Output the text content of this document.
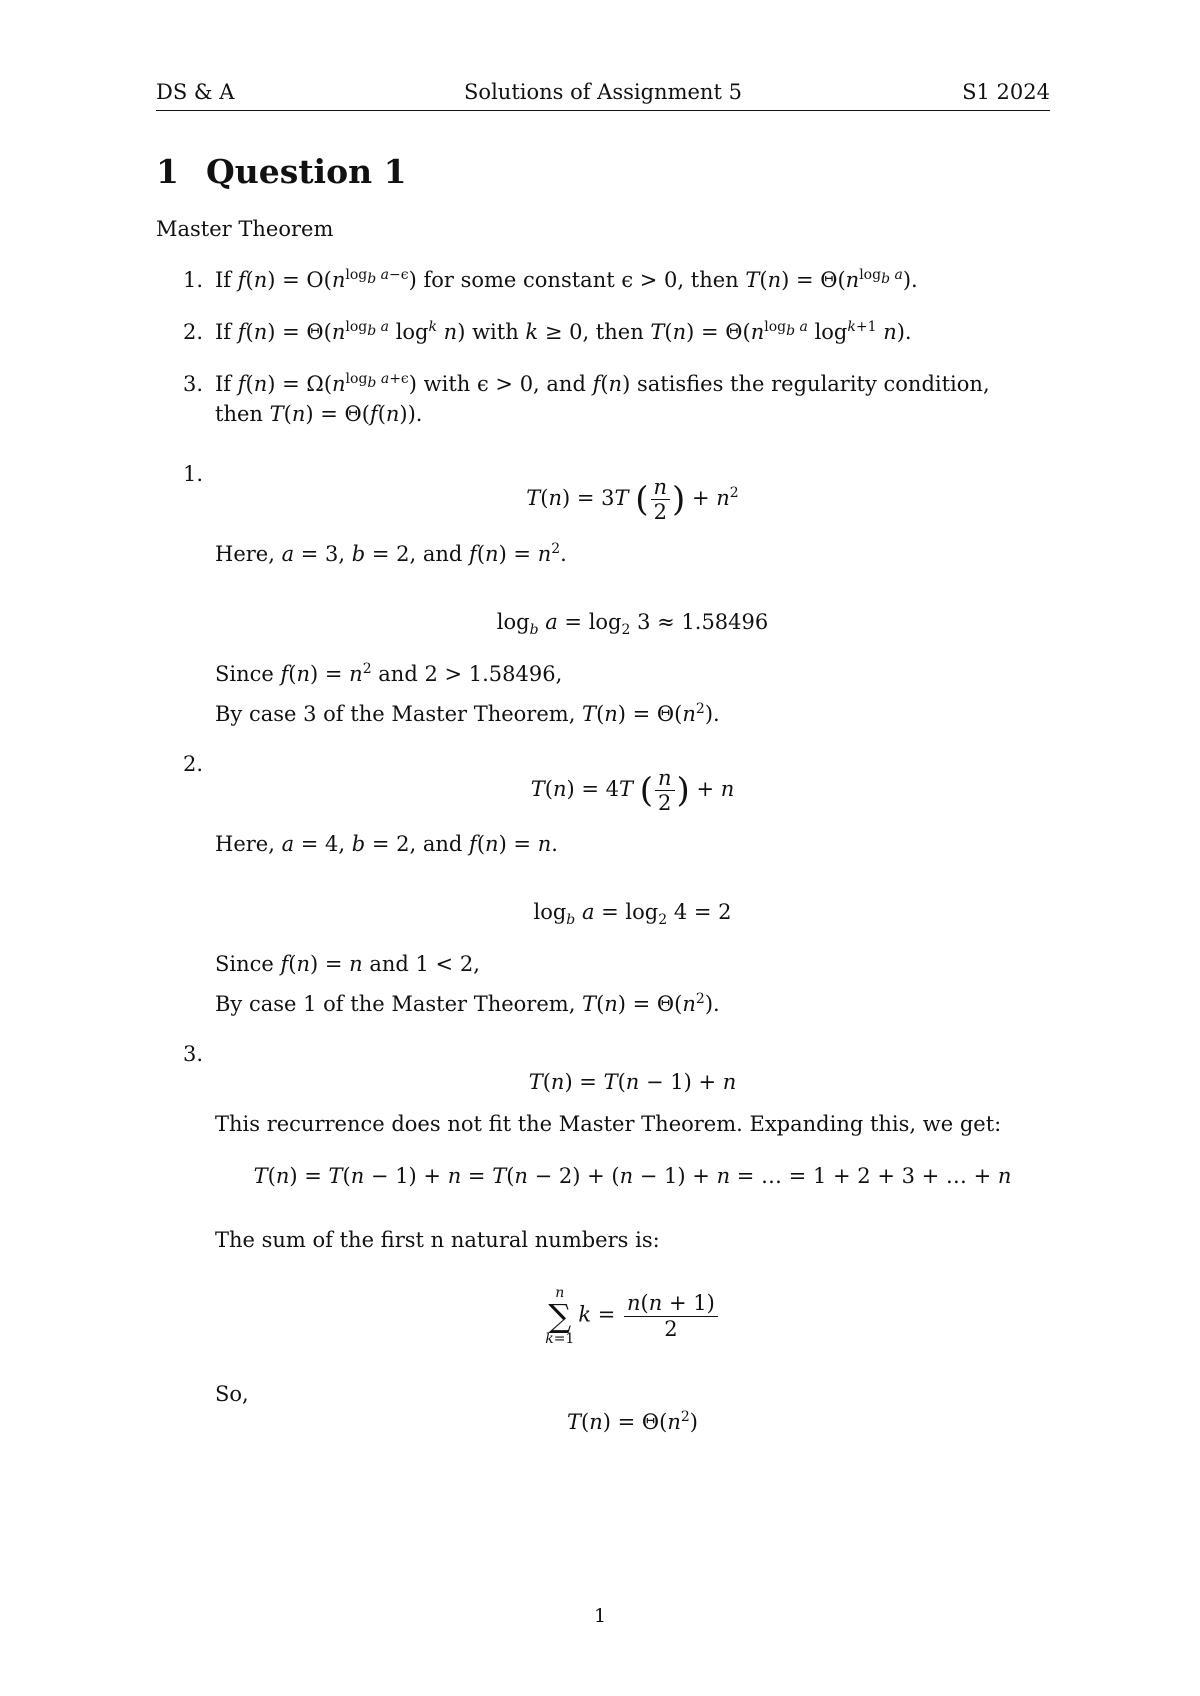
DS & A	Solutions of Assignment 5	S1 2024
1 Question 1
Master Theorem
1. If $f(n) = O(n^{log_b a-\epsilon})$ for some constant ϵ > 0, then $T(n) = \Theta(n^{log_b a})$.
2. If $f(n) = \Theta(n^{log_b a}$ $\log^k n$) with k ≥ 0, then $T(n) = \Theta(n^{log_b a}$ $\log^{k+1} n$).
3. If $f(n) = \Omega(n^{log_b a+\epsilon})$ with ϵ > 0, and f(n) satisfies the regularity condition,
then T(n) = Θ(f(n)).
1.
T(n) = 3T ( $\frac{n}{2}$ ) + $n^2$
Here, a = 3, b = 2, and $f(n) = n^2$.
$\log_b a = \log_2 3 \approx 1.58496$
Since $f(n) = n^2$ and 2 > 1.58496,
By case 3 of the Master Theorem, $T(n) = \Theta(n^2)$.
2.
T(n) = 4T ( $\frac{n}{2}$ ) + n
Here, a = 4, b = 2, and f(n) = n.
$\log_b a = \log_2 4 = 2$
Since f(n) = n and 1 < 2,
By case 1 of the Master Theorem, $T(n) = \Theta(n^2)$.
3.
T(n) = T(n − 1) + n
This recurrence does not fit the Master Theorem. Expanding this, we get:
T(n) = T(n − 1) + n = T(n − 2) + (n − 1) + n = … = 1 + 2 + 3 + … + n
The sum of the first n natural numbers is:
n
∑
k=1
$k = \frac{n(n + 1)}{2}$
So,
$T(n) = \Theta(n^2)$
1
